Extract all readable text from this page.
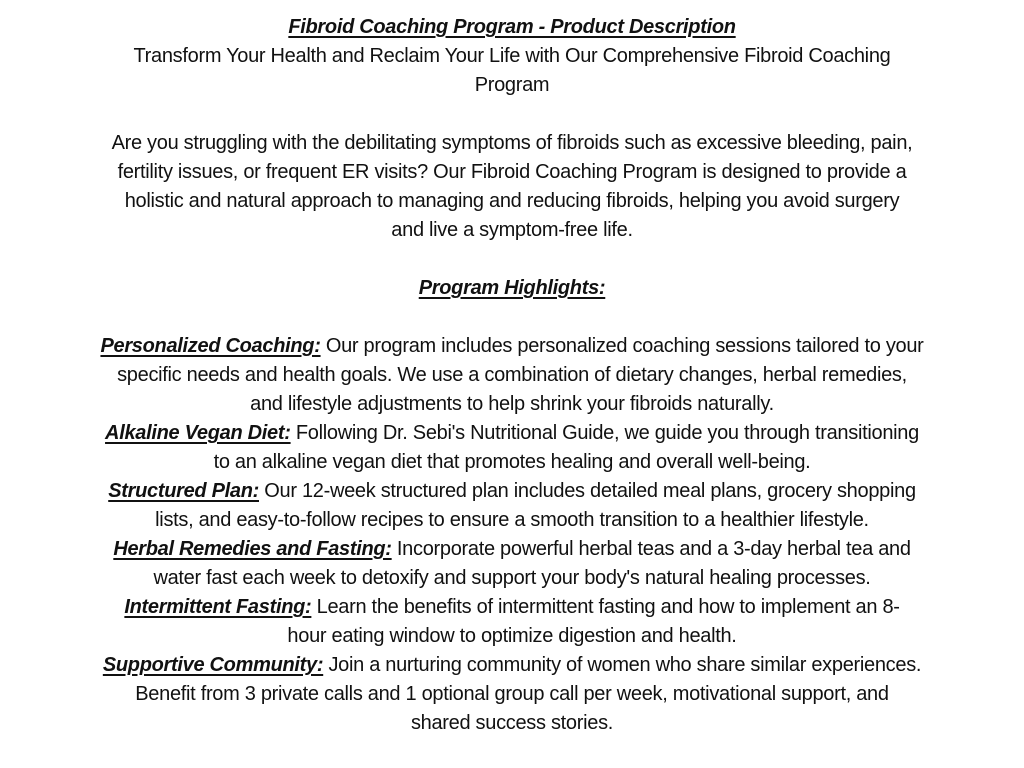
Fibroid Coaching Program - Product Description
Transform Your Health and Reclaim Your Life with Our Comprehensive Fibroid Coaching
Program
Are you struggling with the debilitating symptoms of fibroids such as excessive bleeding, pain,
fertility issues, or frequent ER visits? Our Fibroid Coaching Program is designed to provide a
holistic and natural approach to managing and reducing fibroids, helping you avoid surgery
and live a symptom-free life.
Program Highlights:
Personalized Coaching: Our program includes personalized coaching sessions tailored to your
specific needs and health goals. We use a combination of dietary changes, herbal remedies,
and lifestyle adjustments to help shrink your fibroids naturally.
Alkaline Vegan Diet: Following Dr. Sebi's Nutritional Guide, we guide you through transitioning
to an alkaline vegan diet that promotes healing and overall well-being.
Structured Plan: Our 12-week structured plan includes detailed meal plans, grocery shopping
lists, and easy-to-follow recipes to ensure a smooth transition to a healthier lifestyle.
Herbal Remedies and Fasting: Incorporate powerful herbal teas and a 3-day herbal tea and
water fast each week to detoxify and support your body's natural healing processes.
Intermittent Fasting: Learn the benefits of intermittent fasting and how to implement an 8-
hour eating window to optimize digestion and health.
Supportive Community: Join a nurturing community of women who share similar experiences.
Benefit from 3 private calls and 1 optional group call per week, motivational support, and
shared success stories.
